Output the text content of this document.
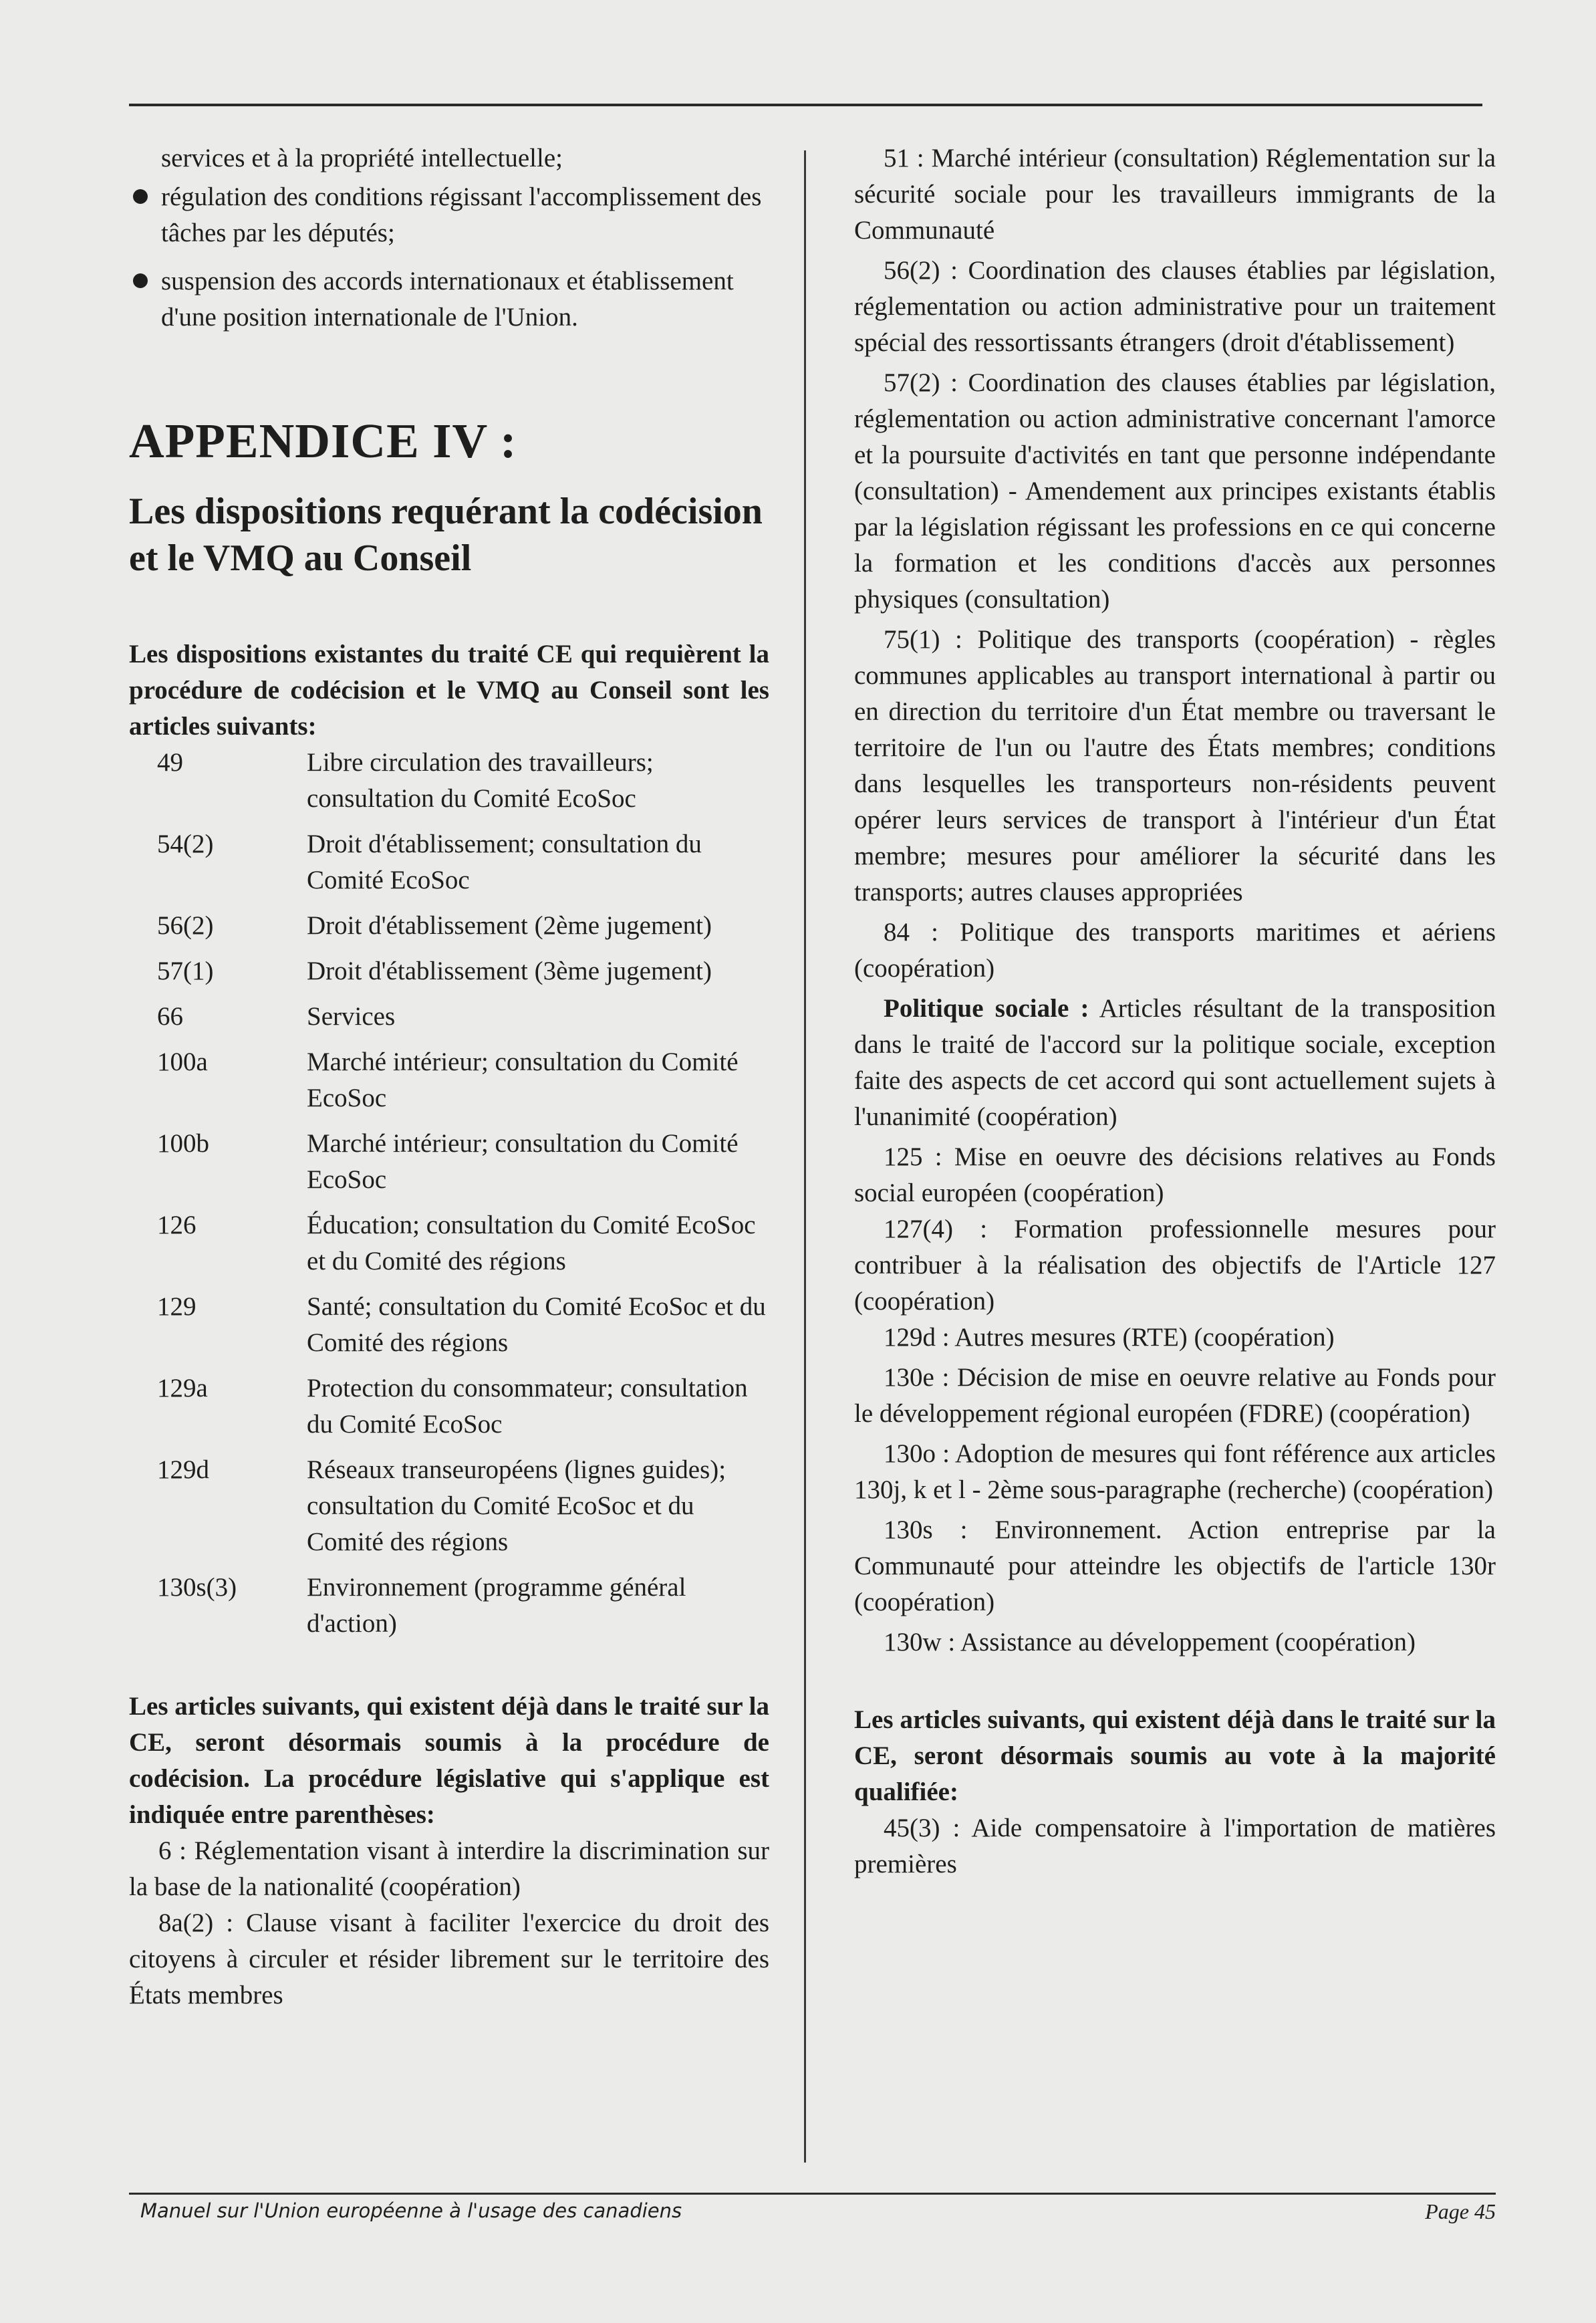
services et à la propriété intellectuelle;

régulation des conditions régissant l'accomplissement des tâches par les députés;
suspension des accords internationaux et établissement d'une position internationale de l'Union.
APPENDICE IV :
Les dispositions requérant la codécision et le VMQ au Conseil

Les dispositions existantes du traité CE qui requièrent la procédure de codécision et le VMQ au Conseil sont les articles suivants:

49	Libre circulation des travailleurs; consultation du Comité EcoSoc
54(2)	Droit d'établissement; consultation du Comité EcoSoc
56(2)	Droit d'établissement (2ème jugement)
57(1)	Droit d'établissement (3ème jugement)
66	Services
100a	Marché intérieur; consultation du Comité EcoSoc
100b	Marché intérieur; consultation du Comité EcoSoc
126	Éducation; consultation du Comité EcoSoc et du Comité des régions
129	Santé; consultation du Comité EcoSoc et du Comité des régions
129a	Protection du consommateur; consultation du Comité EcoSoc
129d	Réseaux transeuropéens (lignes guides); consultation du Comité EcoSoc et du Comité des régions
130s(3)	Environnement (programme général d'action)

Les articles suivants, qui existent déjà dans le traité sur la CE, seront désormais soumis à la procédure de codécision. La procédure législative qui s'applique est indiquée entre parenthèses:

6 : Réglementation visant à interdire la discrimination sur la base de la nationalité (coopération)

8a(2) : Clause visant à faciliter l'exercice du droit des citoyens à circuler et résider librement sur le territoire des États membres

51 : Marché intérieur (consultation) Réglementation sur la sécurité sociale pour les travailleurs immigrants de la Communauté

56(2) : Coordination des clauses établies par législation, réglementation ou action administrative pour un traitement spécial des ressortissants étrangers (droit d'établissement)

57(2) : Coordination des clauses établies par législation, réglementation ou action administrative concernant l'amorce et la poursuite d'activités en tant que personne indépendante (consultation) - Amendement aux principes existants établis par la législation régissant les professions en ce qui concerne la formation et les conditions d'accès aux personnes physiques (consultation)

75(1) : Politique des transports (coopération) - règles communes applicables au transport international à partir ou en direction du territoire d'un État membre ou traversant le territoire de l'un ou l'autre des États membres; conditions dans lesquelles les transporteurs non-résidents peuvent opérer leurs services de transport à l'intérieur d'un État membre; mesures pour améliorer la sécurité dans les transports; autres clauses appropriées

84 : Politique des transports maritimes et aériens (coopération)

Politique sociale : Articles résultant de la transposition dans le traité de l'accord sur la politique sociale, exception faite des aspects de cet accord qui sont actuellement sujets à l'unanimité (coopération)

125 : Mise en oeuvre des décisions relatives au Fonds social européen (coopération)

127(4) : Formation professionnelle mesures pour contribuer à la réalisation des objectifs de l'Article 127 (coopération)

129d : Autres mesures (RTE) (coopération)

130e : Décision de mise en oeuvre relative au Fonds pour le développement régional européen (FDRE) (coopération)

130o : Adoption de mesures qui font référence aux articles 130j, k et l - 2ème sous-paragraphe (recherche) (coopération)

130s : Environnement. Action entreprise par la Communauté pour atteindre les objectifs de l'article 130r (coopération)

130w : Assistance au développement (coopération)

Les articles suivants, qui existent déjà dans le traité sur la CE, seront désormais soumis au vote à la majorité qualifiée:

45(3) : Aide compensatoire à l'importation de matières premières

Manuel sur l'Union européenne à l'usage des canadiens	Page 45
